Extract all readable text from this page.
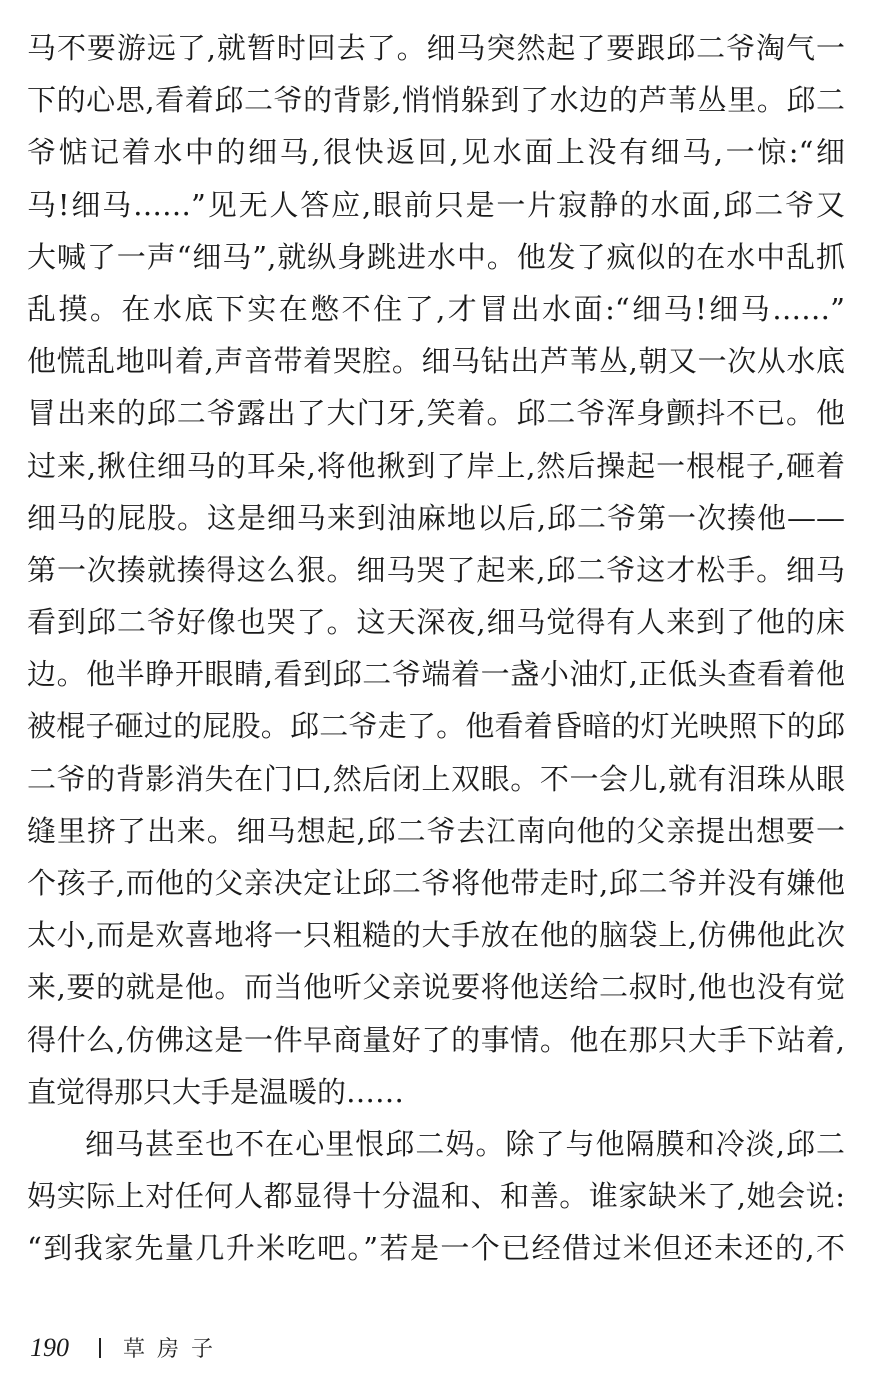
马不要游远了,就暂时回去了。细马突然起了要跟邱二爷淘气一
下的心思,看着邱二爷的背影,悄悄躲到了水边的芦苇丛里。邱二
爷惦记着水中的细马,很快返回,见水面上没有细马,一惊:“细
马!细马……”见无人答应,眼前只是一片寂静的水面,邱二爷又
大喊了一声“细马”,就纵身跳进水中。他发了疯似的在水中乱抓
乱摸。在水底下实在憋不住了,才冒出水面:“细马!细马……”
他慌乱地叫着,声音带着哭腔。细马钻出芦苇丛,朝又一次从水底
冒出来的邱二爷露出了大门牙,笑着。邱二爷浑身颤抖不已。他
过来,揪住细马的耳朵,将他揪到了岸上,然后操起一根棍子,砸着
细马的屁股。这是细马来到油麻地以后,邱二爷第一次揍他——
第一次揍就揍得这么狠。细马哭了起来,邱二爷这才松手。细马
看到邱二爷好像也哭了。这天深夜,细马觉得有人来到了他的床
边。他半睁开眼睛,看到邱二爷端着一盏小油灯,正低头查看着他
被棍子砸过的屁股。邱二爷走了。他看着昏暗的灯光映照下的邱
二爷的背影消失在门口,然后闭上双眼。不一会儿,就有泪珠从眼
缝里挤了出来。细马想起,邱二爷去江南向他的父亲提出想要一
个孩子,而他的父亲决定让邱二爷将他带走时,邱二爷并没有嫌他
太小,而是欢喜地将一只粗糙的大手放在他的脑袋上,仿佛他此次
来,要的就是他。而当他听父亲说要将他送给二叔时,他也没有觉
得什么,仿佛这是一件早商量好了的事情。他在那只大手下站着,
直觉得那只大手是温暖的……
细马甚至也不在心里恨邱二妈。除了与他隔膜和冷淡,邱二
妈实际上对任何人都显得十分温和、和善。谁家缺米了,她会说:
“到我家先量几升米吃吧。”若是一个已经借过米但还未还的,不
190 草房子
